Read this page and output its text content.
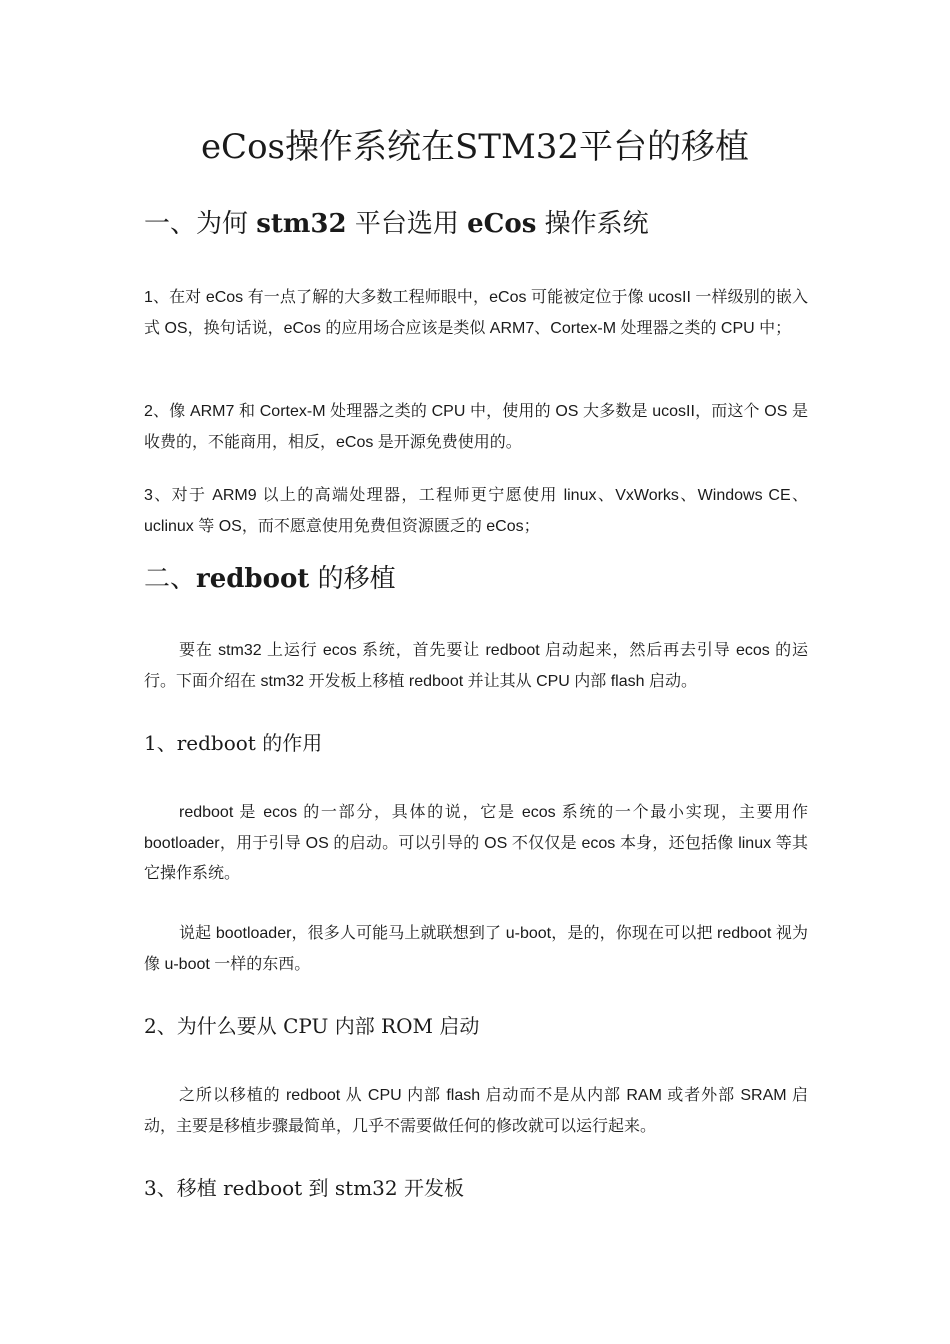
eCos操作系统在STM32平台的移植
一、为何 stm32 平台选用 eCos 操作系统

1、在对 eCos 有一点了解的大多数工程师眼中，eCos 可能被定位于像 ucosII 一样级别的嵌入式 OS，换句话说，eCos 的应用场合应该是类似 ARM7、Cortex-M 处理器之类的 CPU 中；

2、像 ARM7 和 Cortex-M 处理器之类的 CPU 中，使用的 OS 大多数是 ucosII，而这个 OS 是收费的，不能商用，相反，eCos 是开源免费使用的。

3、对于 ARM9 以上的高端处理器，工程师更宁愿使用 linux、VxWorks、Windows CE、uclinux 等 OS，而不愿意使用免费但资源匮乏的 eCos；

二、redboot 的移植

要在 stm32 上运行 ecos 系统，首先要让 redboot 启动起来，然后再去引导 ecos 的运行。下面介绍在 stm32 开发板上移植 redboot 并让其从 CPU 内部 flash 启动。

1、redboot 的作用

redboot 是 ecos 的一部分，具体的说，它是 ecos 系统的一个最小实现，主要用作 bootloader，用于引导 OS 的启动。可以引导的 OS 不仅仅是 ecos 本身，还包括像 linux 等其它操作系统。

说起 bootloader，很多人可能马上就联想到了 u-boot，是的，你现在可以把 redboot 视为像 u-boot 一样的东西。

2、为什么要从 CPU 内部 ROM 启动

之所以移植的 redboot 从 CPU 内部 flash 启动而不是从内部 RAM 或者外部 SRAM 启动，主要是移植步骤最简单，几乎不需要做任何的修改就可以运行起来。

3、移植 redboot 到 stm32 开发板
